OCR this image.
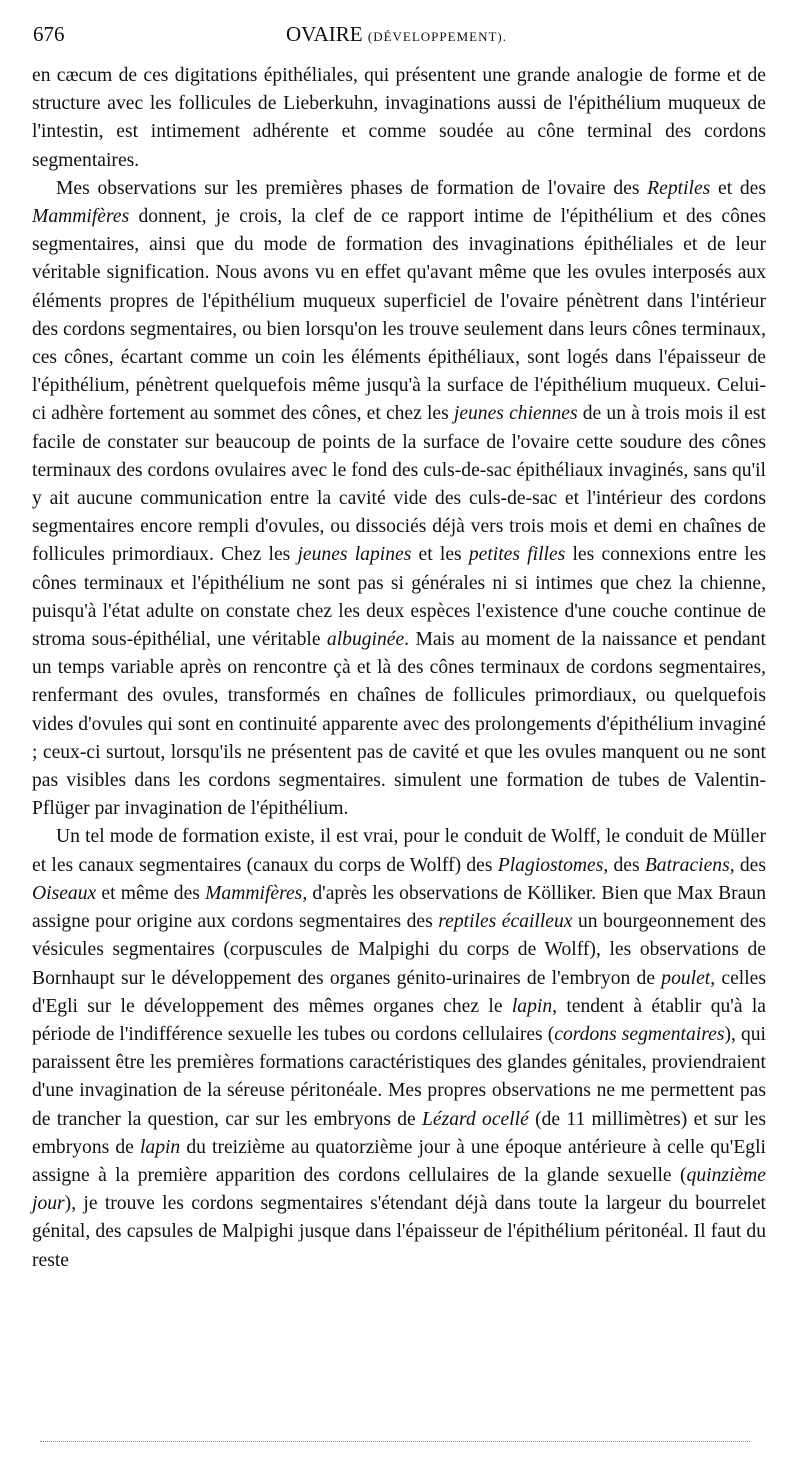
676	OVAIRE (DÉVELOPPEMENT).

en cæcum de ces digitations épithéliales, qui présentent une grande analogie de forme et de structure avec les follicules de Lieberkuhn, invaginations aussi de l'épithélium muqueux de l'intestin, est intimement adhérente et comme soudée au cône terminal des cordons segmentaires.

Mes observations sur les premières phases de formation de l'ovaire des Reptiles et des Mammifères donnent, je crois, la clef de ce rapport intime de l'épithélium et des cônes segmentaires, ainsi que du mode de formation des invaginations épithéliales et de leur véritable signification. Nous avons vu en effet qu'avant même que les ovules interposés aux éléments propres de l'épithélium muqueux superficiel de l'ovaire pénètrent dans l'intérieur des cordons segmentaires, ou bien lorsqu'on les trouve seulement dans leurs cônes terminaux, ces cônes, écartant comme un coin les éléments épithéliaux, sont logés dans l'épaisseur de l'épithélium, pénètrent quelquefois même jusqu'à la surface de l'épithélium muqueux. Celui-ci adhère fortement au sommet des cônes, et chez les jeunes chiennes de un à trois mois il est facile de constater sur beaucoup de points de la surface de l'ovaire cette soudure des cônes terminaux des cordons ovulaires avec le fond des culs-de-sac épithéliaux invaginés, sans qu'il y ait aucune communication entre la cavité vide des culs-de-sac et l'intérieur des cordons segmentaires encore rempli d'ovules, ou dissociés déjà vers trois mois et demi en chaînes de follicules primordiaux. Chez les jeunes lapines et les petites filles les connexions entre les cônes terminaux et l'épithélium ne sont pas si générales ni si intimes que chez la chienne, puisqu'à l'état adulte on constate chez les deux espèces l'existence d'une couche continue de stroma sous-épithélial, une véritable albuginée. Mais au moment de la naissance et pendant un temps variable après on rencontre çà et là des cônes terminaux de cordons segmentaires, renfermant des ovules, transformés en chaînes de follicules primordiaux, ou quelquefois vides d'ovules qui sont en continuité apparente avec des prolongements d'épithélium invaginé ; ceux-ci surtout, lorsqu'ils ne présentent pas de cavité et que les ovules manquent ou ne sont pas visibles dans les cordons segmentaires. simulent une formation de tubes de Valentin-Pflüger par invagination de l'épithélium.

Un tel mode de formation existe, il est vrai, pour le conduit de Wolff, le conduit de Müller et les canaux segmentaires (canaux du corps de Wolff) des Plagiostomes, des Batraciens, des Oiseaux et même des Mammifères, d'après les observations de Kölliker. Bien que Max Braun assigne pour origine aux cordons segmentaires des reptiles écailleux un bourgeonnement des vésicules segmentaires (corpuscules de Malpighi du corps de Wolff), les observations de Bornhaupt sur le développement des organes génito-urinaires de l'embryon de poulet, celles d'Egli sur le développement des mêmes organes chez le lapin, tendent à établir qu'à la période de l'indifférence sexuelle les tubes ou cordons cellulaires (cordons segmentaires), qui paraissent être les premières formations caractéristiques des glandes génitales, proviendraient d'une invagination de la séreuse péritonéale. Mes propres observations ne me permettent pas de trancher la question, car sur les embryons de Lézard ocellé (de 11 millimètres) et sur les embryons de lapin du treizième au quatorzième jour à une époque antérieure à celle qu'Egli assigne à la première apparition des cordons cellulaires de la glande sexuelle (quinzième jour), je trouve les cordons segmentaires s'étendant déjà dans toute la largeur du bourrelet génital, des capsules de Malpighi jusque dans l'épaisseur de l'épithélium péritonéal. Il faut du reste
